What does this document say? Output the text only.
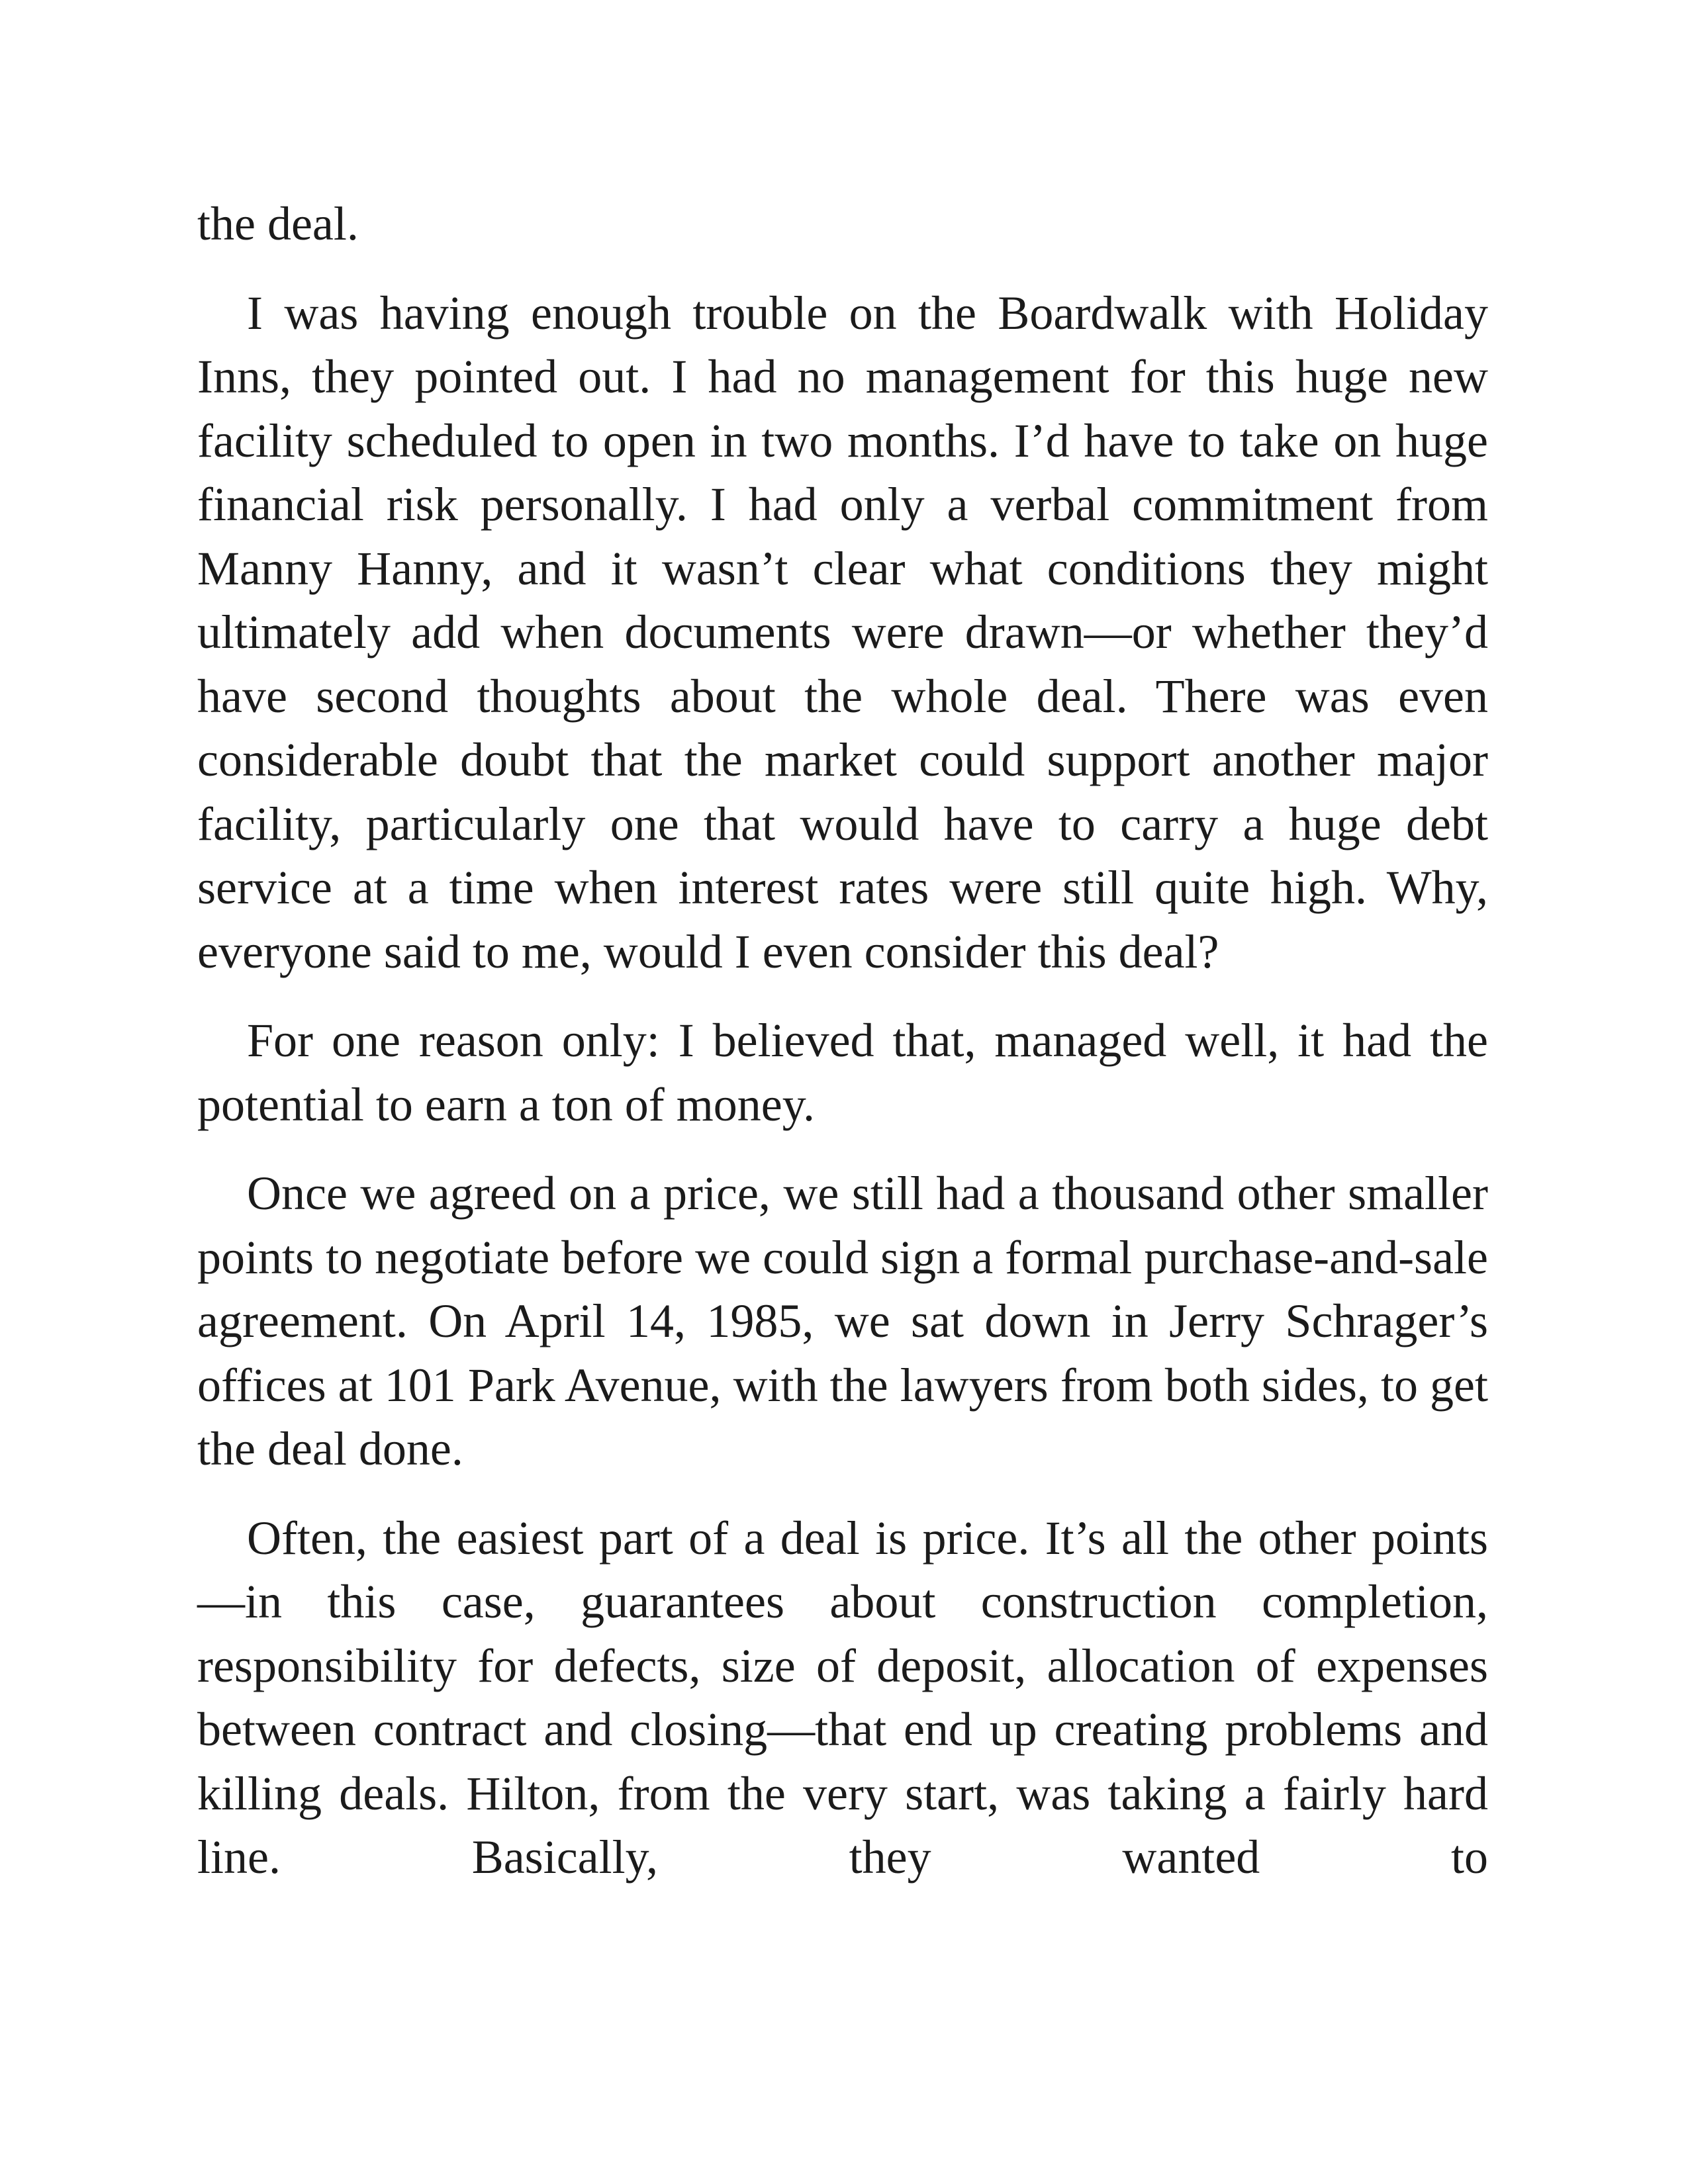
the deal.

I was having enough trouble on the Boardwalk with Holiday Inns, they pointed out. I had no management for this huge new facility scheduled to open in two months. I’d have to take on huge financial risk personally. I had only a verbal commitment from Manny Hanny, and it wasn’t clear what conditions they might ultimately add when documents were drawn—or whether they’d have second thoughts about the whole deal. There was even considerable doubt that the market could support another major facility, particularly one that would have to carry a huge debt service at a time when interest rates were still quite high. Why, everyone said to me, would I even consider this deal?

For one reason only: I believed that, managed well, it had the potential to earn a ton of money.

Once we agreed on a price, we still had a thousand other smaller points to negotiate before we could sign a formal purchase-and-sale agreement. On April 14, 1985, we sat down in Jerry Schrager’s offices at 101 Park Avenue, with the lawyers from both sides, to get the deal done.

Often, the easiest part of a deal is price. It’s all the other points—in this case, guarantees about construction completion, responsibility for defects, size of deposit, allocation of expenses between contract and closing—that end up creating problems and killing deals. Hilton, from the very start, was taking a fairly hard line. Basically, they wanted to
